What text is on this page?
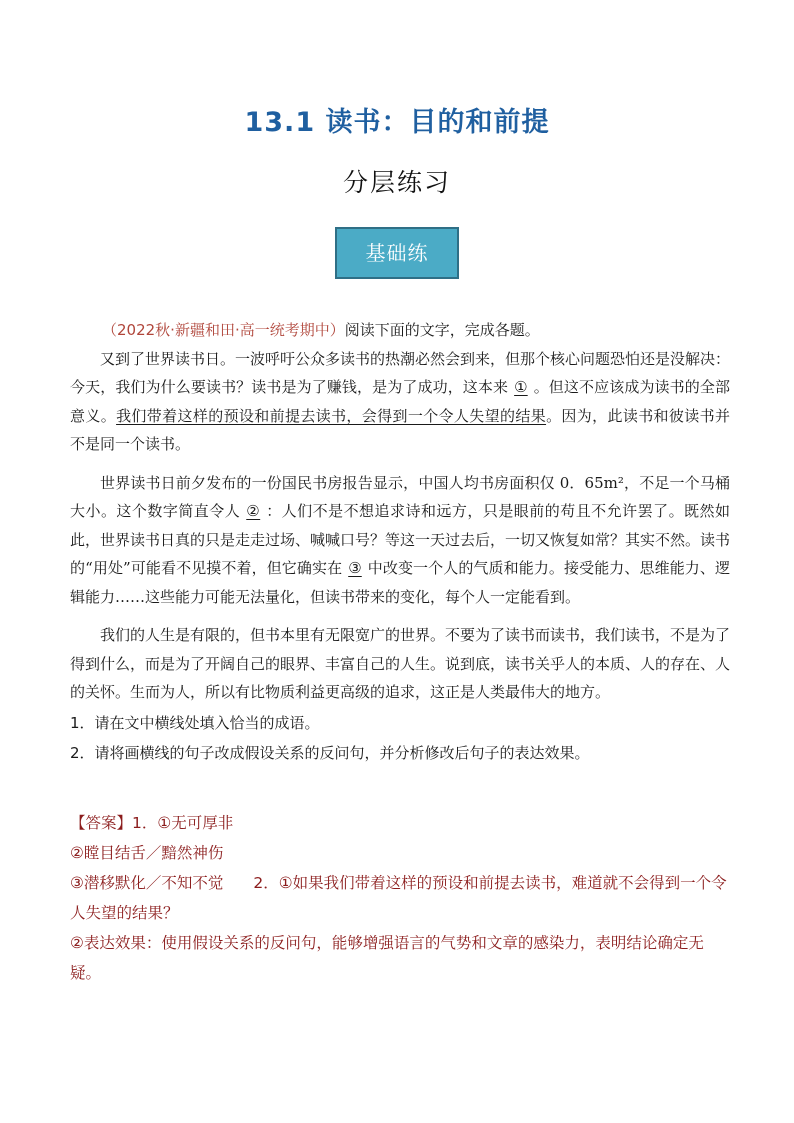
13.1 读书：目的和前提
分层练习
基础练
（2022秋·新疆和田·高一统考期中）阅读下面的文字，完成各题。

又到了世界读书日。一波呼吁公众多读书的热潮必然会到来，但那个核心问题恐怕还是没解决：今天，我们为什么要读书？读书是为了赚钱，是为了成功，这本来 ① 。但这不应该成为读书的全部意义。我们带着这样的预设和前提去读书，会得到一个令人失望的结果。因为，此读书和彼读书并不是同一个读书。

世界读书日前夕发布的一份国民书房报告显示，中国人均书房面积仅 0．65m²，不足一个马桶大小。这个数字简直令人 ② ：人们不是不想追求诗和远方，只是眼前的苟且不允许罢了。既然如此，世界读书日真的只是走走过场、喊喊口号？等这一天过去后，一切又恢复如常？其实不然。读书的“用处”可能看不见摸不着，但它确实在 ③ 中改变一个人的气质和能力。接受能力、思维能力、逻辑能力……这些能力可能无法量化，但读书带来的变化，每个人一定能看到。

我们的人生是有限的，但书本里有无限宽广的世界。不要为了读书而读书，我们读书，不是为了得到什么，而是为了开阔自己的眼界、丰富自己的人生。说到底，读书关乎人的本质、人的存在、人的关怀。生而为人，所以有比物质利益更高级的追求，这正是人类最伟大的地方。

1．请在文中横线处填入恰当的成语。

2．请将画横线的句子改成假设关系的反问句，并分析修改后句子的表达效果。

【答案】1．①无可厚非

②瞠目结舌／黯然神伤

③潜移默化／不知不觉 2．①如果我们带着这样的预设和前提去读书，难道就不会得到一个令人失望的结果？

②表达效果：使用假设关系的反问句，能够增强语言的气势和文章的感染力，表明结论确定无疑。
